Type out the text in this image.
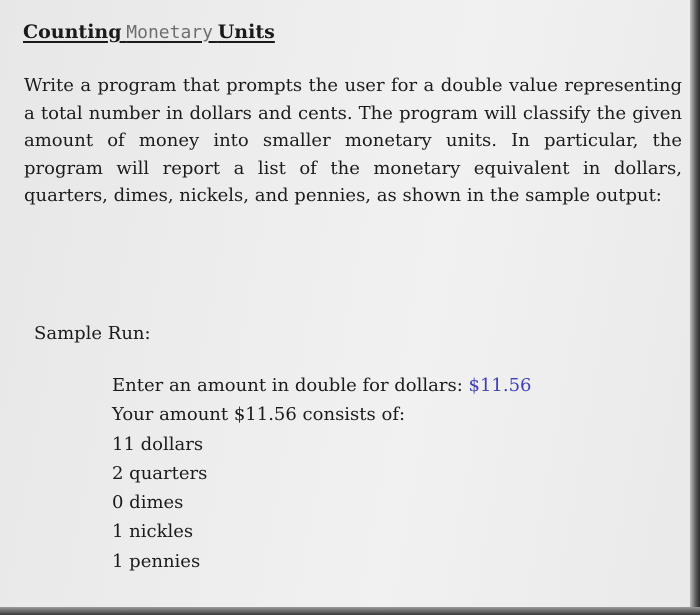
Counting Monetary Units

Write a program that prompts the user for a double value representing a total number in dollars and cents. The program will classify the given amount of money into smaller monetary units. In particular, the program will report a list of the monetary equivalent in dollars, quarters, dimes, nickels, and pennies, as shown in the sample output:

Sample Run:

Enter an amount in double for dollars: $11.56
Your amount $11.56 consists of:
11 dollars
2 quarters
0 dimes
1 nickles
1 pennies
